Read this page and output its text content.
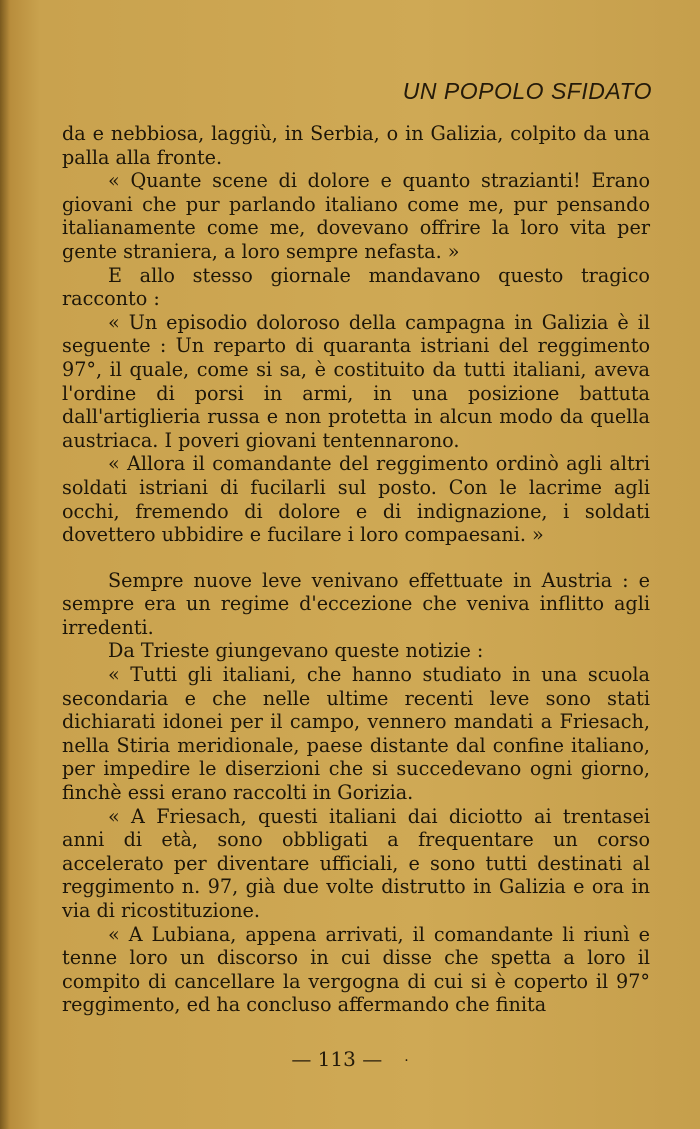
UN POPOLO SFIDATO

da e nebbiosa, laggiù, in Serbia, o in Galizia, colpito da una palla alla fronte.

« Quante scene di dolore e quanto strazianti! Erano giovani che pur parlando italiano come me, pur pensando italianamente come me, dovevano offrire la loro vita per gente straniera, a loro sempre nefasta. »

E allo stesso giornale mandavano questo tragico racconto :

« Un episodio doloroso della campagna in Galizia è il seguente : Un reparto di quaranta istriani del reggimento 97°, il quale, come si sa, è costituito da tutti italiani, aveva l'ordine di porsi in armi, in una posizione battuta dall'artiglieria russa e non protetta in alcun modo da quella austriaca. I poveri giovani tentennarono.

« Allora il comandante del reggimento ordinò agli altri soldati istriani di fucilarli sul posto. Con le lacrime agli occhi, fremendo di dolore e di indignazione, i soldati dovettero ubbidire e fucilare i loro compaesani. »

Sempre nuove leve venivano effettuate in Austria : e sempre era un regime d'eccezione che veniva inflitto agli irredenti.

Da Trieste giungevano queste notizie :

« Tutti gli italiani, che hanno studiato in una scuola secondaria e che nelle ultime recenti leve sono stati dichiarati idonei per il campo, vennero mandati a Friesach, nella Stiria meridionale, paese distante dal confine italiano, per impedire le diserzioni che si succedevano ogni giorno, finchè essi erano raccolti in Gorizia.

« A Friesach, questi italiani dai diciotto ai trentasei anni di età, sono obbligati a frequentare un corso accelerato per diventare ufficiali, e sono tutti destinati al reggimento n. 97, già due volte distrutto in Galizia e ora in via di ricostituzione.

« A Lubiana, appena arrivati, il comandante li riunì e tenne loro un discorso in cui disse che spetta a loro il compito di cancellare la vergogna di cui si è coperto il 97° reggimento, ed ha concluso affermando che finita

— 113 — ·
